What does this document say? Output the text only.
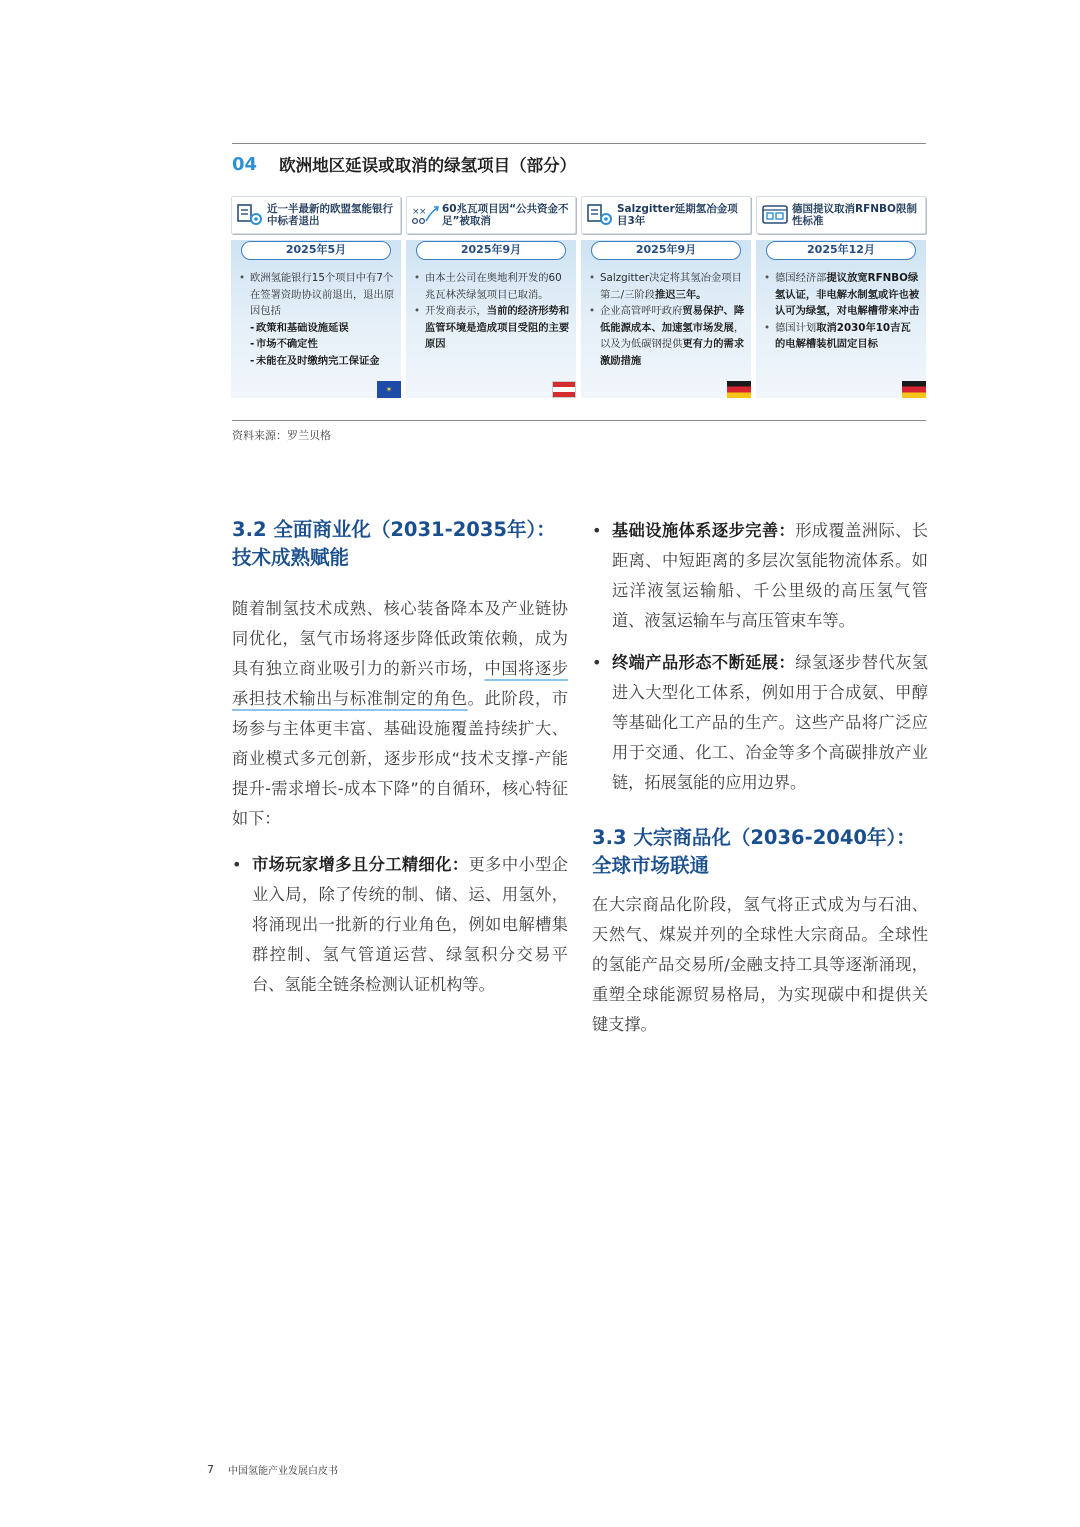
04 欧洲地区延误或取消的绿氢项目（部分）
近一半最新的欧盟氢能银行中标者退出
2025年5月
• 欧洲氢能银行15个项目中有7个在签署资助协议前退出，退出原因包括
- 政策和基础设施延误
- 市场不确定性
- 未能在及时缴纳完工保证金
✶
× × 60兆瓦项目因“公共资金不足”被取消
2025年9月
• 由本土公司在奥地利开发的60兆瓦林茨绿氢项目已取消。
• 开发商表示，当前的经济形势和监管环境是造成项目受阻的主要原因
Salzgitter延期氢冶金项目3年
2025年9月
• Salzgitter决定将其氢冶金项目第二/三阶段推迟三年。
• 企业高管呼吁政府贸易保护、降低能源成本、加速氢市场发展，以及为低碳钢提供更有力的需求激励措施
德国提议取消RFNBO限制性标准
2025年12月
• 德国经济部提议放宽RFNBO绿氢认证，非电解水制氢或许也被认可为绿氢，对电解槽带来冲击
• 德国计划取消2030年10吉瓦的电解槽装机固定目标
资料来源：罗兰贝格
3.2 全面商业化（2031-2035年）：
技术成熟赋能

随着制氢技术成熟、核心装备降本及产业链协同优化，氢气市场将逐步降低政策依赖，成为具有独立商业吸引力的新兴市场，中国将逐步承担技术输出与标准制定的角色。此阶段，市场参与主体更丰富、基础设施覆盖持续扩大、商业模式多元创新，逐步形成“技术支撑-产能提升-需求增长-成本下降”的自循环，核心特征如下：

• 市场玩家增多且分工精细化：更多中小型企业入局，除了传统的制、储、运、用氢外，将涌现出一批新的行业角色，例如电解槽集群控制、氢气管道运营、绿氢积分交易平台、氢能全链条检测认证机构等。
• 基础设施体系逐步完善：形成覆盖洲际、长距离、中短距离的多层次氢能物流体系。如远洋液氢运输船、千公里级的高压氢气管道、液氢运输车与高压管束车等。
• 终端产品形态不断延展：绿氢逐步替代灰氢进入大型化工体系，例如用于合成氨、甲醇等基础化工产品的生产。这些产品将广泛应用于交通、化工、冶金等多个高碳排放产业链，拓展氢能的应用边界。
3.3 大宗商品化（2036-2040年）：
全球市场联通

在大宗商品化阶段，氢气将正式成为与石油、天然气、煤炭并列的全球性大宗商品。全球性的氢能产品交易所/金融支持工具等逐渐涌现，重塑全球能源贸易格局，为实现碳中和提供关键支撑。

7 中国氢能产业发展白皮书
